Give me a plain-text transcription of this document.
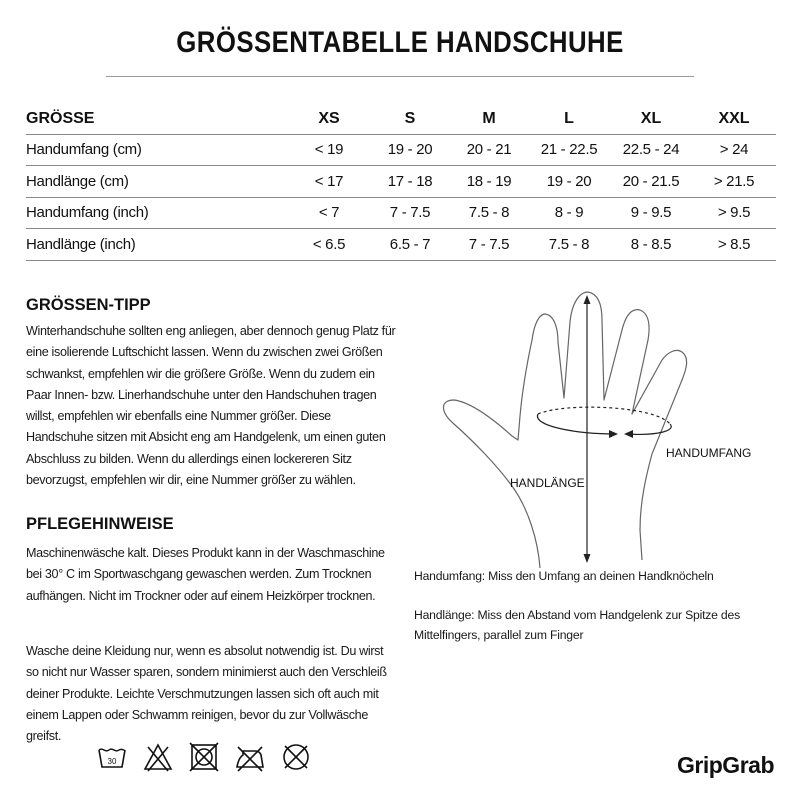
GRÖSSENTABELLE HANDSCHUHE
GRÖSSE	XS	S	M	L	XL	XXL
Handumfang (cm)	< 19	19 - 20	20 - 21	21 - 22.5	22.5 - 24	> 24
Handlänge (cm)	< 17	17 - 18	18 - 19	19 - 20	20 - 21.5	> 21.5
Handumfang (inch)	< 7	7 - 7.5	7.5 - 8	8 - 9	9 - 9.5	> 9.5
Handlänge (inch)	< 6.5	6.5 - 7	7 - 7.5	7.5 - 8	8 - 8.5	> 8.5
GRÖSSEN-TIPP

Winterhandschuhe sollten eng anliegen, aber dennoch genug Platz für eine isolierende Luftschicht lassen. Wenn du zwischen zwei Größen schwankst, empfehlen wir die größere Größe. Wenn du zudem ein Paar Innen- bzw. Linerhandschuhe unter den Handschuhen tragen willst, empfehlen wir ebenfalls eine Nummer größer. Diese Handschuhe sitzen mit Absicht eng am Handgelenk, um einen guten Abschluss zu bilden. Wenn du allerdings einen lockereren Sitz bevorzugst, empfehlen wir dir, eine Nummer größer zu wählen.

PFLEGEHINWEISE

Maschinenwäsche kalt. Dieses Produkt kann in der Waschmaschine bei 30° C im Sportwaschgang gewaschen werden. Zum Trocknen aufhängen. Nicht im Trockner oder auf einem Heizkörper trocknen.

Wasche deine Kleidung nur, wenn es absolut notwendig ist. Du wirst so nicht nur Wasser sparen, sondern minimierst auch den Verschleiß deiner Produkte. Leichte Verschmutzungen lassen sich oft auch mit einem Lappen oder Schwamm reinigen, bevor du zur Vollwäsche greifst.

HANDLÄNGE
HANDUMFANG

Handumfang: Miss den Umfang an deinen Handknöcheln

Handlänge: Miss den Abstand vom Handgelenk zur Spitze des Mittelfingers, parallel zum Finger

30	GripGrab
